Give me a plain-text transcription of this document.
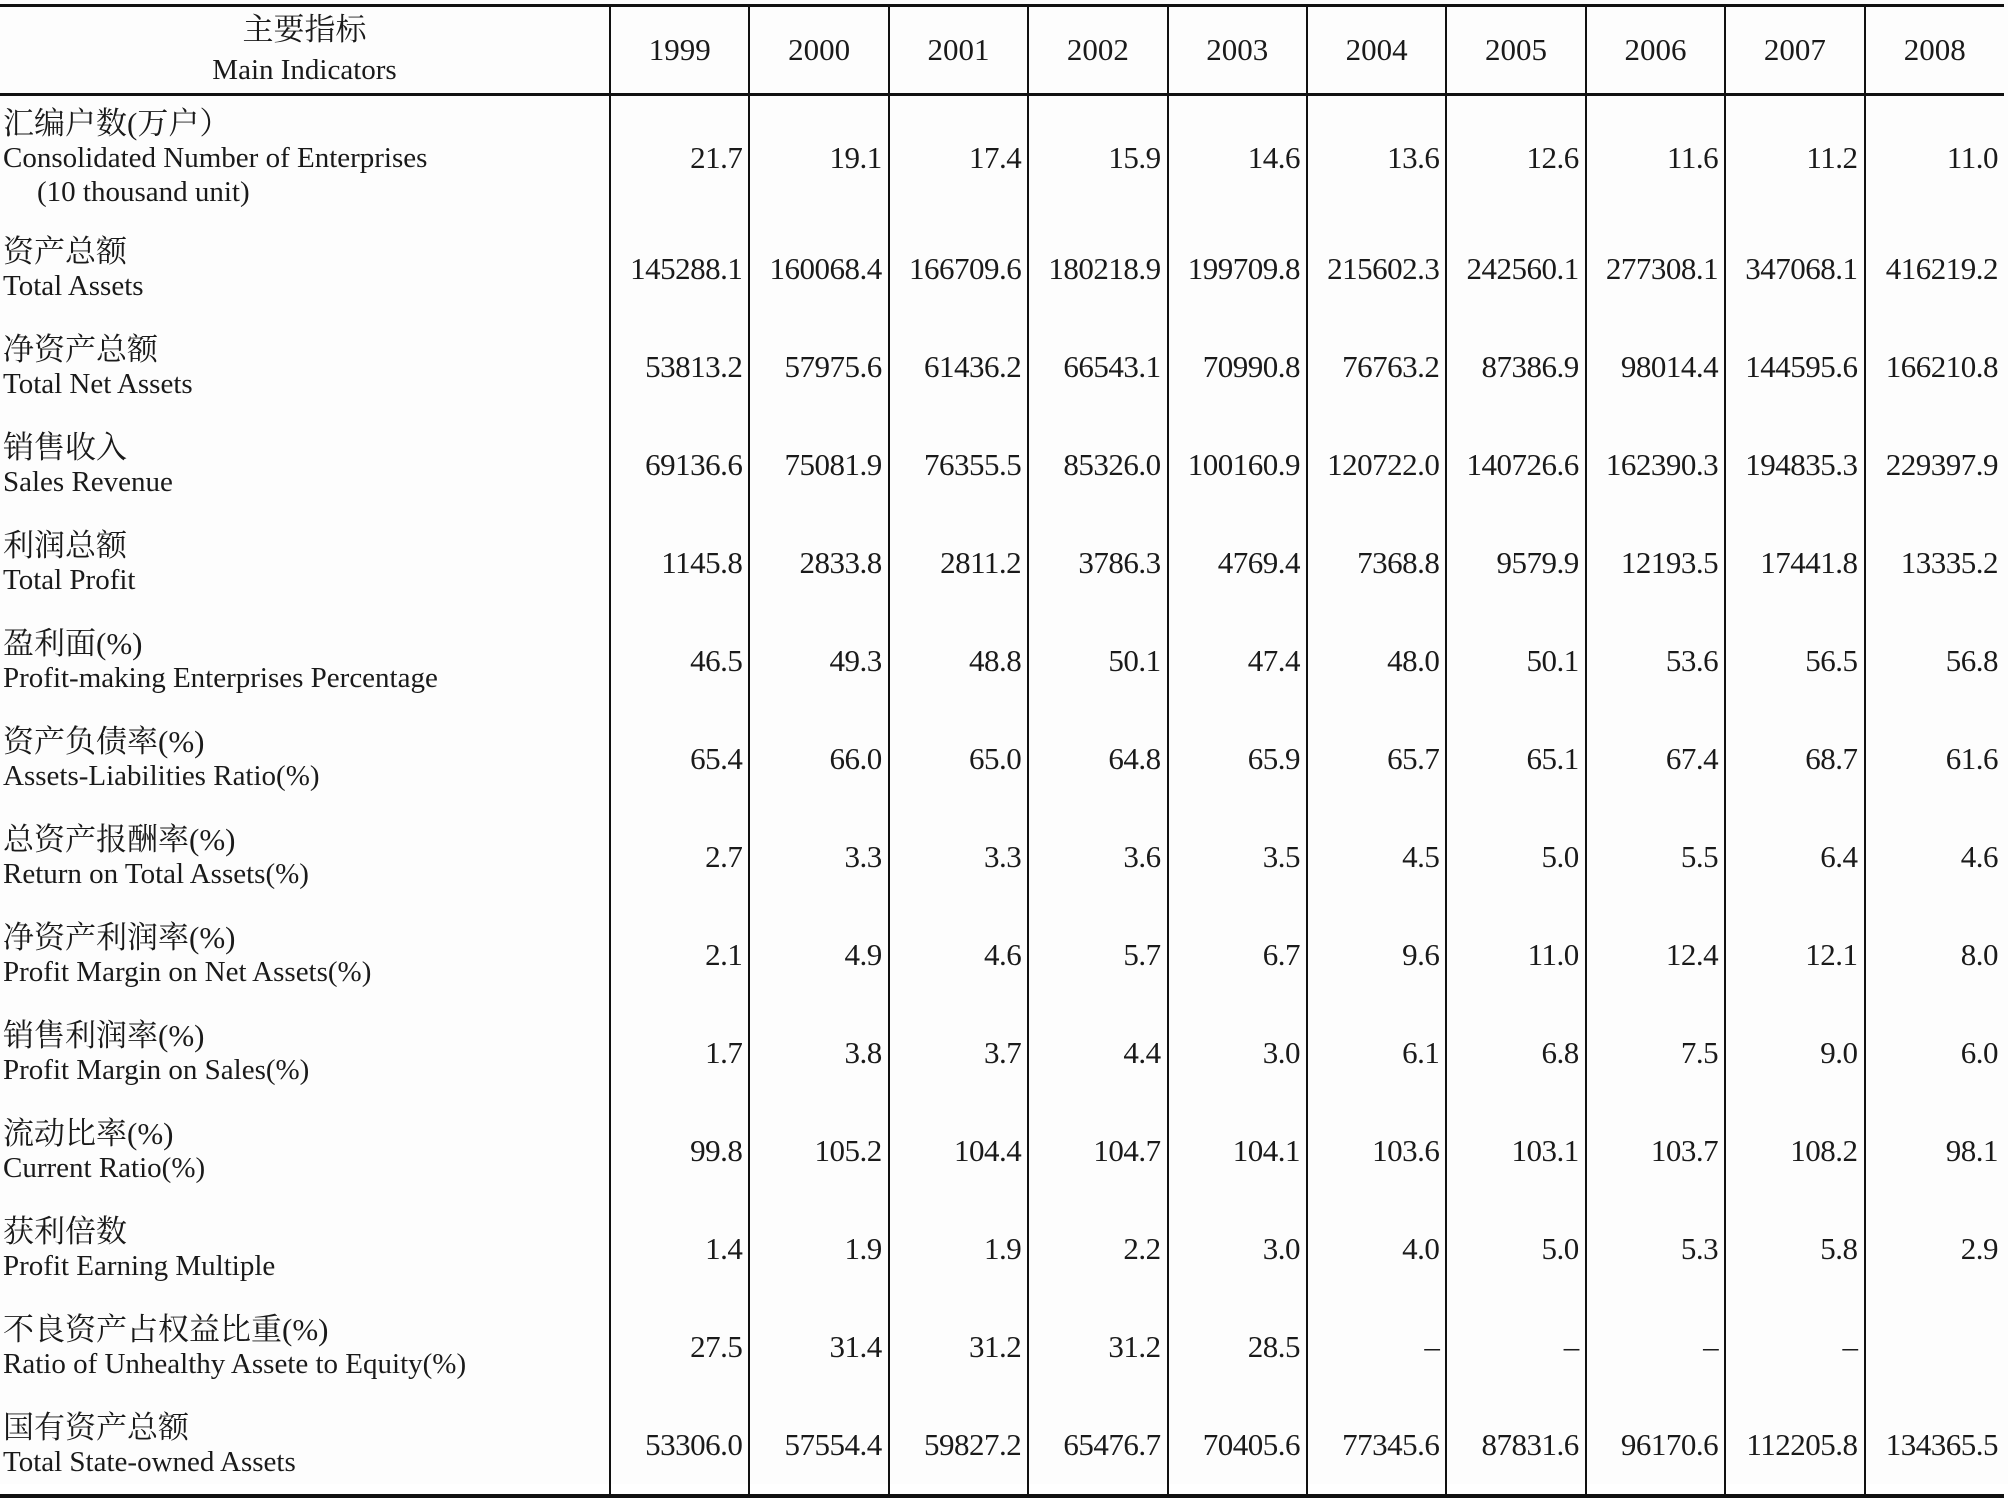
主要指标
Main Indicators	1999	2000	2001	2002	2003	2004	2005	2006	2007	2008

汇编户数(万户）
Consolidated Number of Enterprises
(10 thousand unit)	21.7	19.1	17.4	15.9	14.6	13.6	12.6	11.6	11.2	11.0

资产总额
Total Assets	145288.1	160068.4	166709.6	180218.9	199709.8	215602.3	242560.1	277308.1	347068.1	416219.2

净资产总额
Total Net Assets	53813.2	57975.6	61436.2	66543.1	70990.8	76763.2	87386.9	98014.4	144595.6	166210.8

销售收入
Sales Revenue	69136.6	75081.9	76355.5	85326.0	100160.9	120722.0	140726.6	162390.3	194835.3	229397.9

利润总额
Total Profit	1145.8	2833.8	2811.2	3786.3	4769.4	7368.8	9579.9	12193.5	17441.8	13335.2

盈利面(%)
Profit-making Enterprises Percentage	46.5	49.3	48.8	50.1	47.4	48.0	50.1	53.6	56.5	56.8

资产负债率(%)
Assets-Liabilities Ratio(%)	65.4	66.0	65.0	64.8	65.9	65.7	65.1	67.4	68.7	61.6

总资产报酬率(%)
Return on Total Assets(%)	2.7	3.3	3.3	3.6	3.5	4.5	5.0	5.5	6.4	4.6

净资产利润率(%)
Profit Margin on Net Assets(%)	2.1	4.9	4.6	5.7	6.7	9.6	11.0	12.4	12.1	8.0

销售利润率(%)
Profit Margin on Sales(%)	1.7	3.8	3.7	4.4	3.0	6.1	6.8	7.5	9.0	6.0

流动比率(%)
Current Ratio(%)	99.8	105.2	104.4	104.7	104.1	103.6	103.1	103.7	108.2	98.1

获利倍数
Profit Earning Multiple	1.4	1.9	1.9	2.2	3.0	4.0	5.0	5.3	5.8	2.9

不良资产占权益比重(%)
Ratio of Unhealthy Assete to Equity(%)	27.5	31.4	31.2	31.2	28.5	–	–	–	–	

国有资产总额
Total State-owned Assets	53306.0	57554.4	59827.2	65476.7	70405.6	77345.6	87831.6	96170.6	112205.8	134365.5
